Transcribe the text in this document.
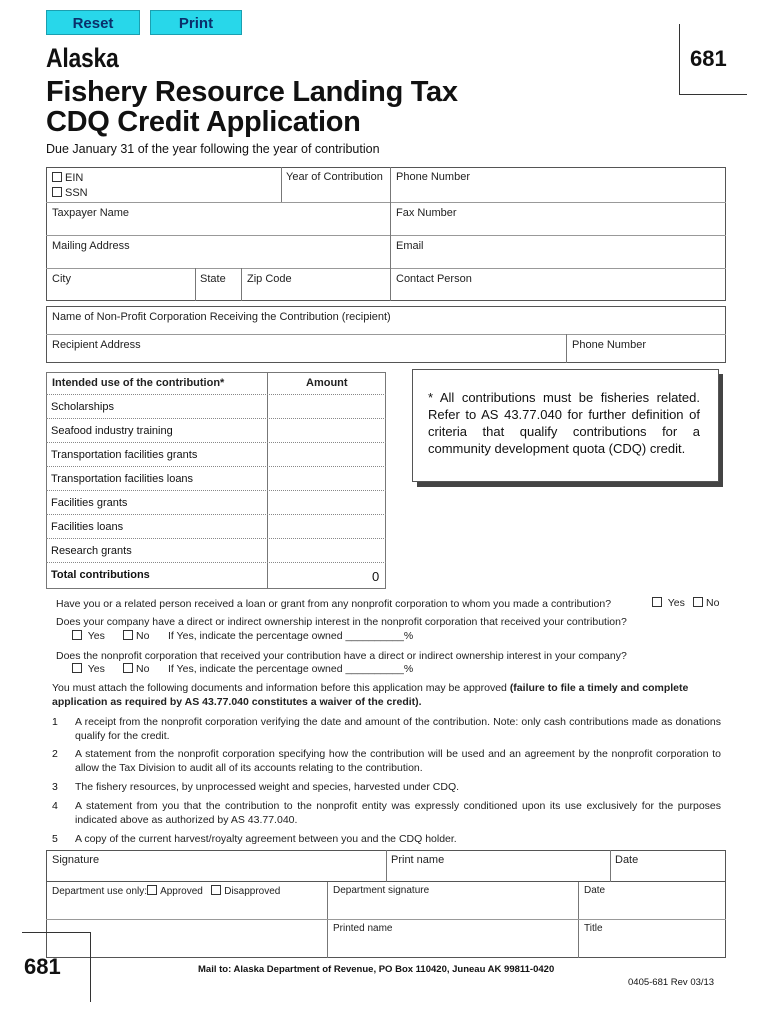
Reset	Print
681
Alaska
Fishery Resource Landing Tax
CDQ Credit Application
Due January 31 of the year following the year of contribution
EIN
SSN
Year of Contribution Phone Number
Taxpayer Name	Fax Number
Mailing Address	Email
City	State Zip Code	Contact Person
Name of Non-Profit Corporation Receiving the Contribution (recipient)
Recipient Address	Phone Number
Intended use of the contribution*	Amount
Scholarships
Seafood industry training
Transportation facilities grants
Transportation facilities loans
Facilities grants
Facilities loans
Research grants
Total contributions	0
* All contributions must be fisheries related. Refer to AS 43.77.040 for further definition of criteria that qualify contributions for a community development quota (CDQ) credit.
Have you or a related person received a loan or grant from any nonprofit corporation to whom you made a contribution?	Yes	No
Does your company have a direct or indirect ownership interest in the nonprofit corporation that received your contribution?
Yes	No If Yes, indicate the percentage owned __________%
Does the nonprofit corporation that received your contribution have a direct or indirect ownership interest in your company?
Yes	No If Yes, indicate the percentage owned __________%
You must attach the following documents and information before this application may be approved (failure to file a timely and complete application as required by AS 43.77.040 constitutes a waiver of the credit).
1 A receipt from the nonprofit corporation verifying the date and amount of the contribution. Note: only cash contributions made as donations qualify for the credit.
2 A statement from the nonprofit corporation specifying how the contribution will be used and an agreement by the nonprofit corporation to allow the Tax Division to audit all of its accounts relating to the contribution.
3 The fishery resources, by unprocessed weight and species, harvested under CDQ.
4 A statement from you that the contribution to the nonprofit entity was expressly conditioned upon its use exclusively for the purposes indicated above as authorized by AS 43.77.040.
5 A copy of the current harvest/royalty agreement between you and the CDQ holder.
Signature	Print name	Date
Department use only: Approved Disapproved	Department signature	Date
Printed name	Title
681	Mail to: Alaska Department of Revenue, PO Box 110420, Juneau AK 99811-0420
0405-681 Rev 03/13
